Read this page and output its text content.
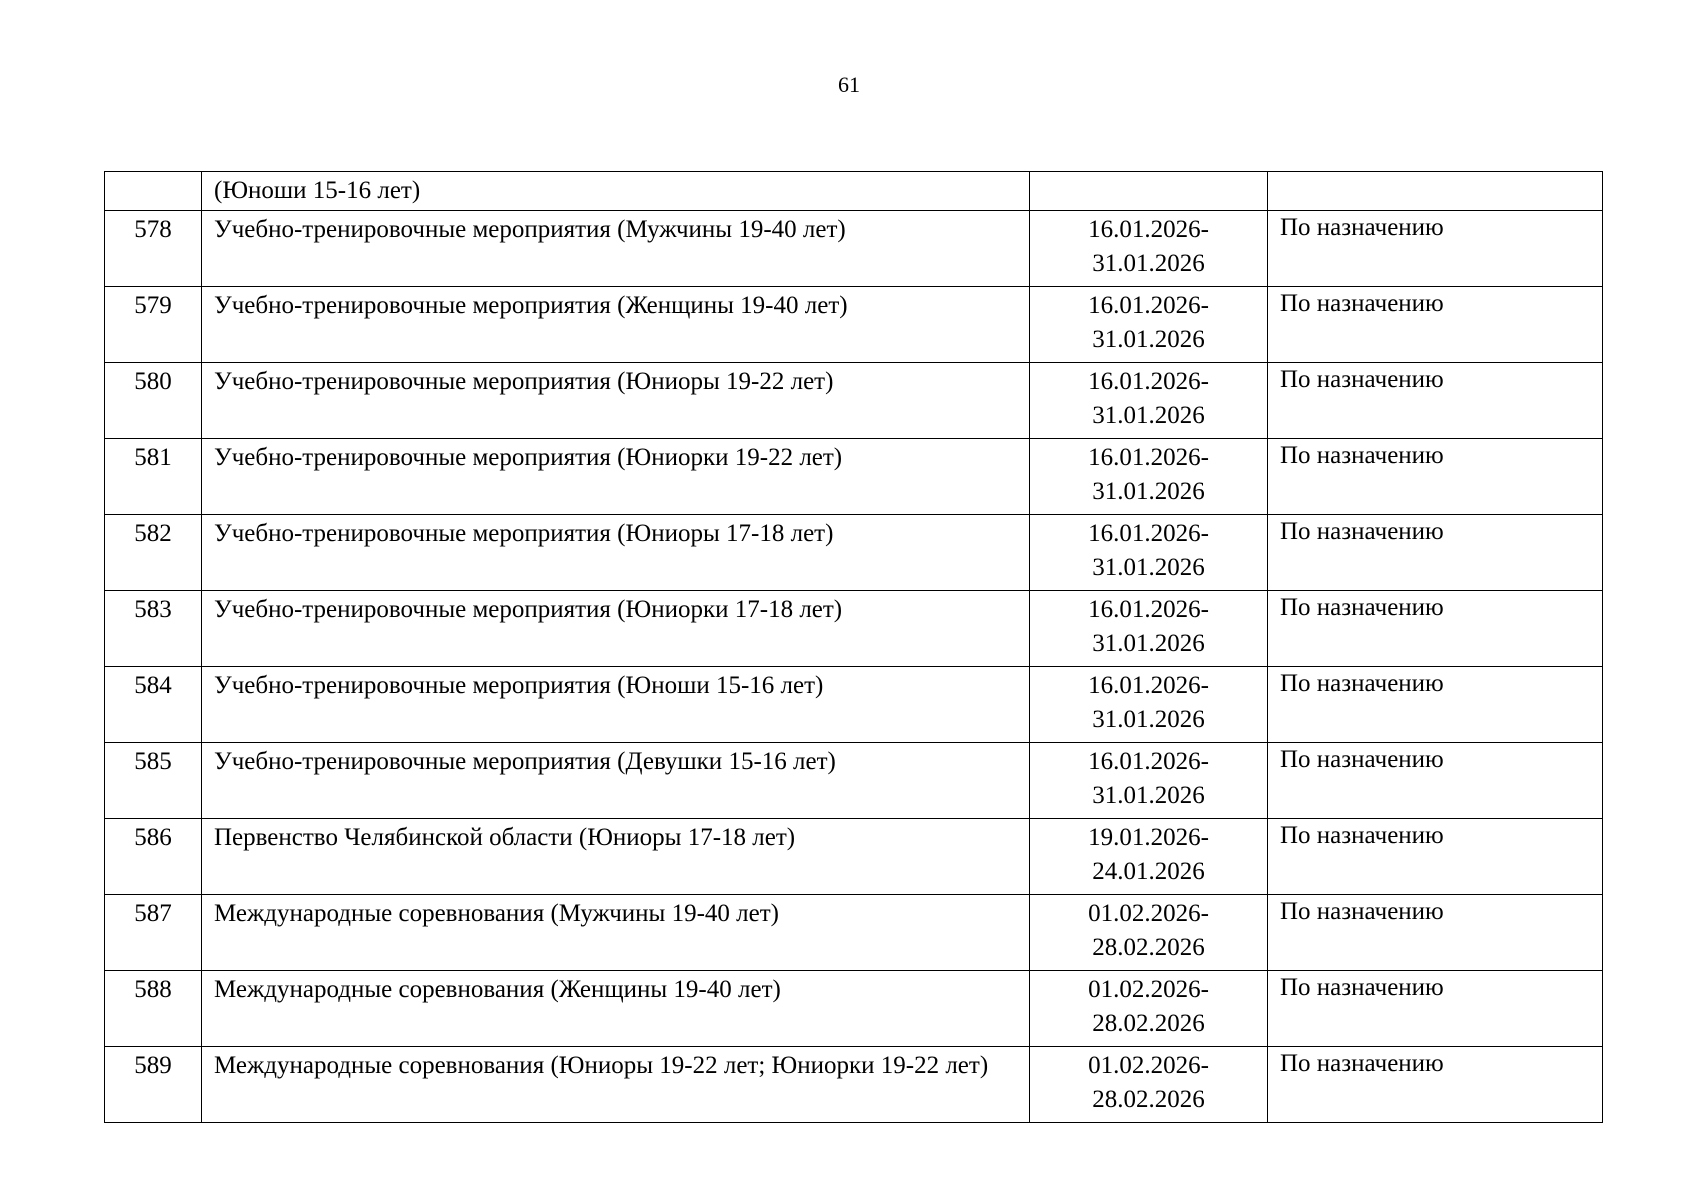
61
	(Юноши 15-16 лет)		
578	Учебно-тренировочные мероприятия (Мужчины 19-40 лет)	16.01.2026-
31.01.2026	По назначению
579	Учебно-тренировочные мероприятия (Женщины 19-40 лет)	16.01.2026-
31.01.2026	По назначению
580	Учебно-тренировочные мероприятия (Юниоры 19-22 лет)	16.01.2026-
31.01.2026	По назначению
581	Учебно-тренировочные мероприятия (Юниорки 19-22 лет)	16.01.2026-
31.01.2026	По назначению
582	Учебно-тренировочные мероприятия (Юниоры 17-18 лет)	16.01.2026-
31.01.2026	По назначению
583	Учебно-тренировочные мероприятия (Юниорки 17-18 лет)	16.01.2026-
31.01.2026	По назначению
584	Учебно-тренировочные мероприятия (Юноши 15-16 лет)	16.01.2026-
31.01.2026	По назначению
585	Учебно-тренировочные мероприятия (Девушки 15-16 лет)	16.01.2026-
31.01.2026	По назначению
586	Первенство Челябинской области (Юниоры 17-18 лет)	19.01.2026-
24.01.2026	По назначению
587	Международные соревнования (Мужчины 19-40 лет)	01.02.2026-
28.02.2026	По назначению
588	Международные соревнования (Женщины 19-40 лет)	01.02.2026-
28.02.2026	По назначению
589	Международные соревнования (Юниоры 19-22 лет; Юниорки 19-22 лет)	01.02.2026-
28.02.2026	По назначению
